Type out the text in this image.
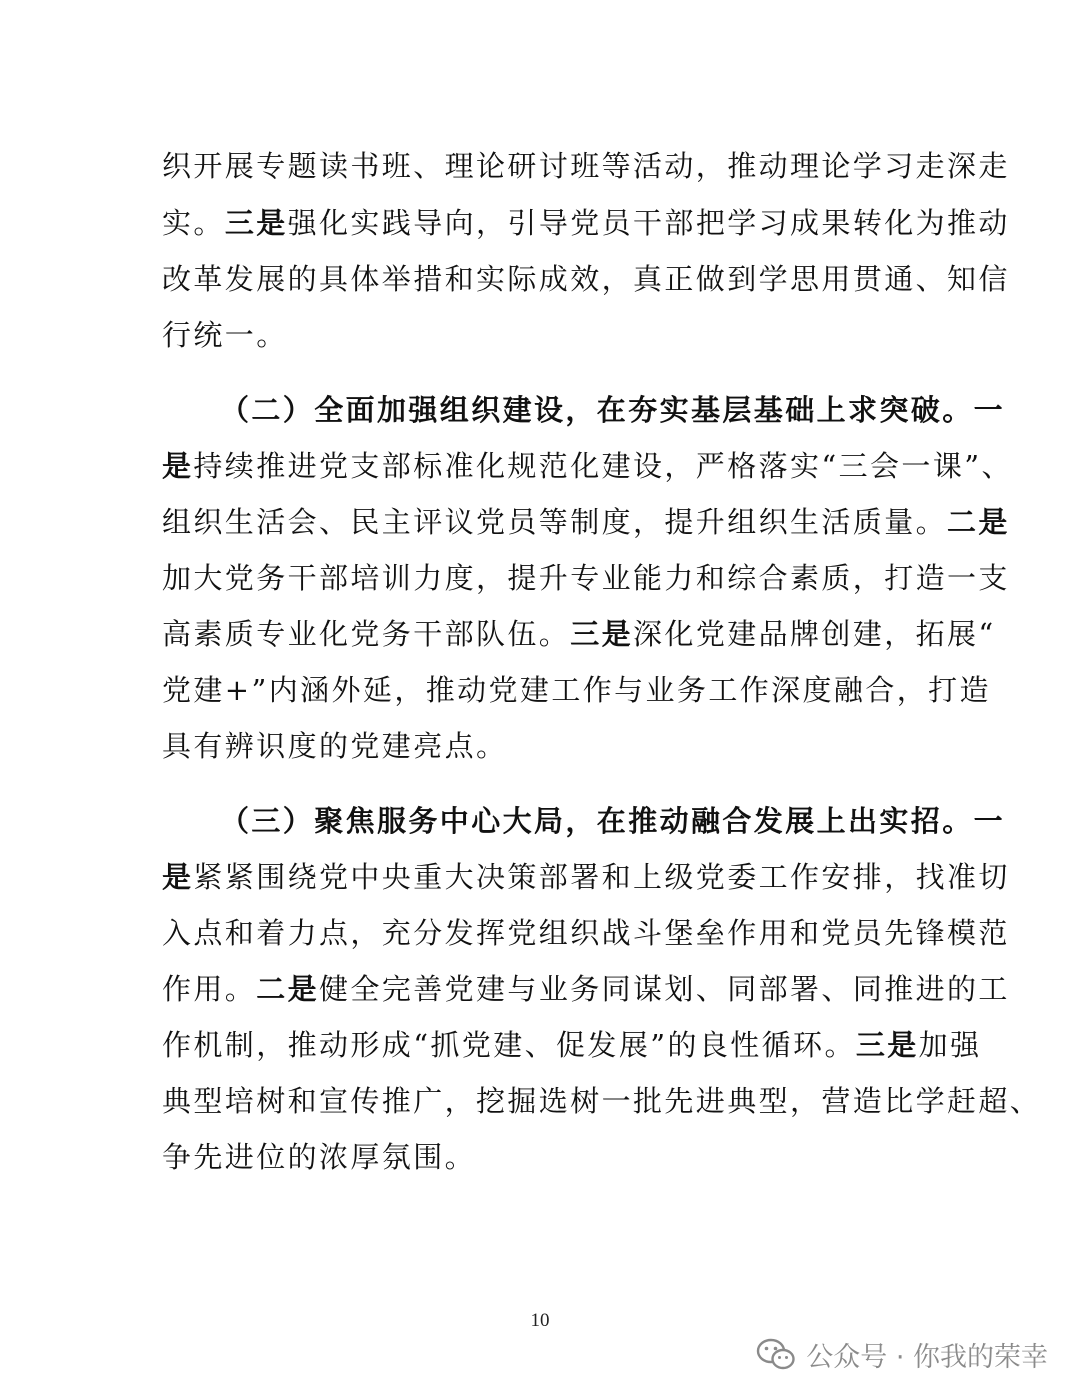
织开展专题读书班、理论研讨班等活动，推动理论学习走深走
实。三是强化实践导向，引导党员干部把学习成果转化为推动
改革发展的具体举措和实际成效，真正做到学思用贯通、知信
行统一。
（二）全面加强组织建设，在夯实基层基础上求突破。一
是持续推进党支部标准化规范化建设，严格落实“三会一课”、
组织生活会、民主评议党员等制度，提升组织生活质量。二是
加大党务干部培训力度，提升专业能力和综合素质，打造一支
高素质专业化党务干部队伍。三是深化党建品牌创建，拓展“
党建+”内涵外延，推动党建工作与业务工作深度融合，打造
具有辨识度的党建亮点。
（三）聚焦服务中心大局，在推动融合发展上出实招。一
是紧紧围绕党中央重大决策部署和上级党委工作安排，找准切
入点和着力点，充分发挥党组织战斗堡垒作用和党员先锋模范
作用。二是健全完善党建与业务同谋划、同部署、同推进的工
作机制，推动形成“抓党建、促发展”的良性循环。三是加强
典型培树和宣传推广，挖掘选树一批先进典型，营造比学赶超、
争先进位的浓厚氛围。
10
公众号 · 你我的荣幸
